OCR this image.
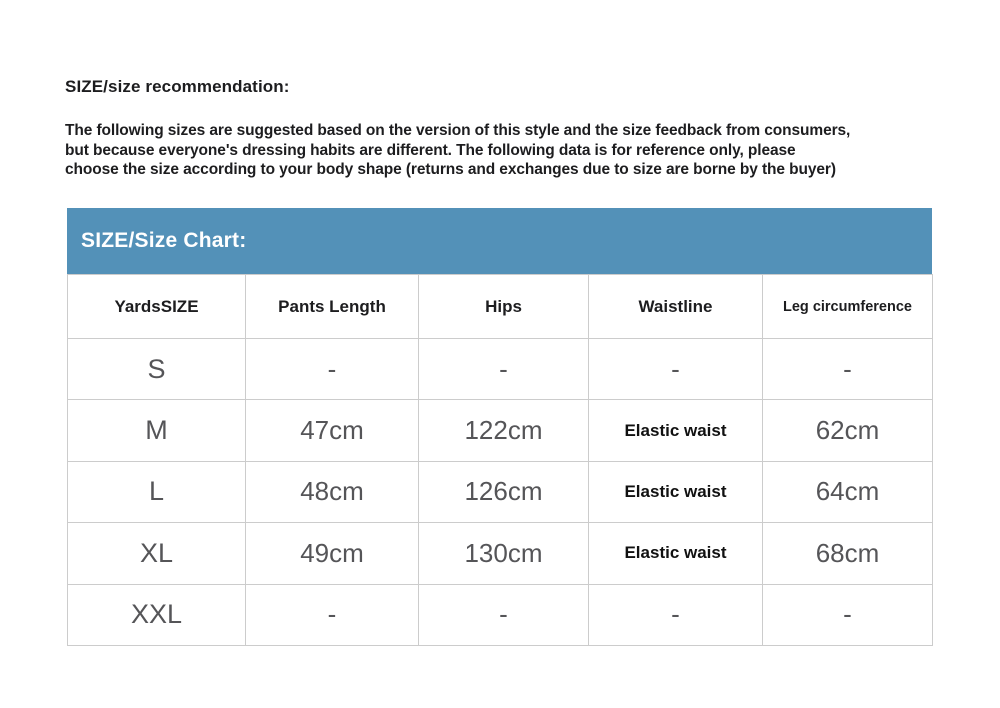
SIZE/size recommendation:
The following sizes are suggested based on the version of this style and the size feedback from consumers,
but because everyone's dressing habits are different. The following data is for reference only, please
choose the size according to your body shape (returns and exchanges due to size are borne by the buyer)
SIZE/Size Chart:
YardsSIZE	Pants Length	Hips	Waistline	Leg circumference
S	-	-	-	-
M	47cm	122cm	Elastic waist	62cm
L	48cm	126cm	Elastic waist	64cm
XL	49cm	130cm	Elastic waist	68cm
XXL	-	-	-	-
